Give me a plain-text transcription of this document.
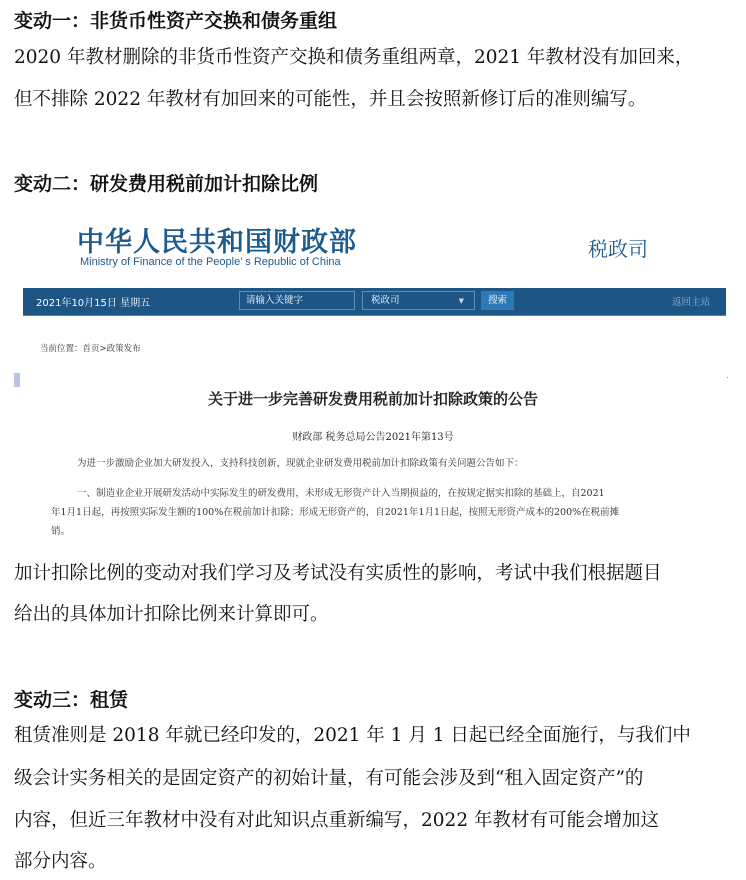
变动一：非货币性资产交换和债务重组
2020 年教材删除的非货币性资产交换和债务重组两章，2021 年教材没有加回来，
但不排除 2022 年教材有加回来的可能性，并且会按照新修订后的准则编写。
变动二：研发费用税前加计扣除比例
中华人民共和国财政部
Ministry of Finance of the People’ s Republic of China
税政司
2021年10月15日 星期五	请输入关键字	税政司	▼	搜索	返回主站
当前位置：首页>政策发布
关于进一步完善研发费用税前加计扣除政策的公告
财政部 税务总局公告2021年第13号
为进一步激励企业加大研发投入，支持科技创新，现就企业研发费用税前加计扣除政策有关问题公告如下：
一、制造业企业开展研发活动中实际发生的研发费用，未形成无形资产计入当期损益的，在按规定据实扣除的基础上，自2021
年1月1日起，再按照实际发生额的100%在税前加计扣除；形成无形资产的，自2021年1月1日起，按照无形资产成本的200%在税前摊
销。
加计扣除比例的变动对我们学习及考试没有实质性的影响，考试中我们根据题目
给出的具体加计扣除比例来计算即可。
变动三：租赁
租赁准则是 2018 年就已经印发的，2021 年 1 月 1 日起已经全面施行，与我们中
级会计实务相关的是固定资产的初始计量，有可能会涉及到“租入固定资产”的
内容，但近三年教材中没有对此知识点重新编写，2022 年教材有可能会增加这
部分内容。
